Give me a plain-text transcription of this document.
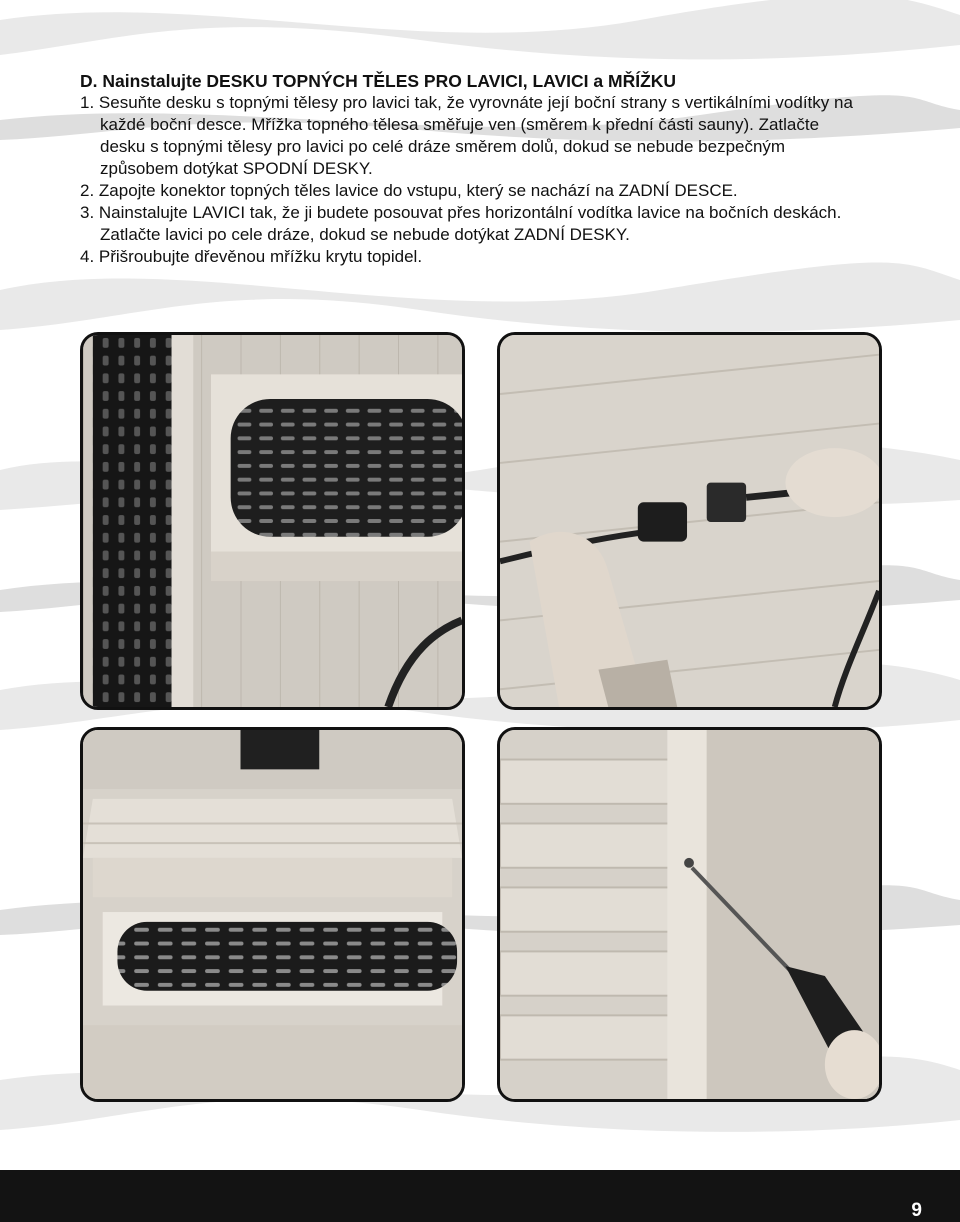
D. Nainstalujte DESKU TOPNÝCH TĚLES PRO LAVICI, LAVICI a MŘÍŽKU

1. Sesuňte desku s topnými tělesy pro lavici tak, že vyrovnáte její boční strany s vertikálními vodítky na každé boční desce. Mřížka topného tělesa směřuje ven (směrem k přední části sauny). Zatlačte desku s topnými tělesy pro lavici po celé dráze směrem dolů, dokud se nebude bezpečným způsobem dotýkat SPODNÍ DESKY.

2. Zapojte konektor topných těles lavice do vstupu, který se nachází na ZADNÍ DESCE.

3. Nainstalujte LAVICI tak, že ji budete posouvat přes horizontální vodítka lavice na bočních deskách. Zatlačte lavici po cele dráze, dokud se nebude dotýkat ZADNÍ DESKY.

4. Přišroubujte dřevěnou mřížku krytu topidel.

9
